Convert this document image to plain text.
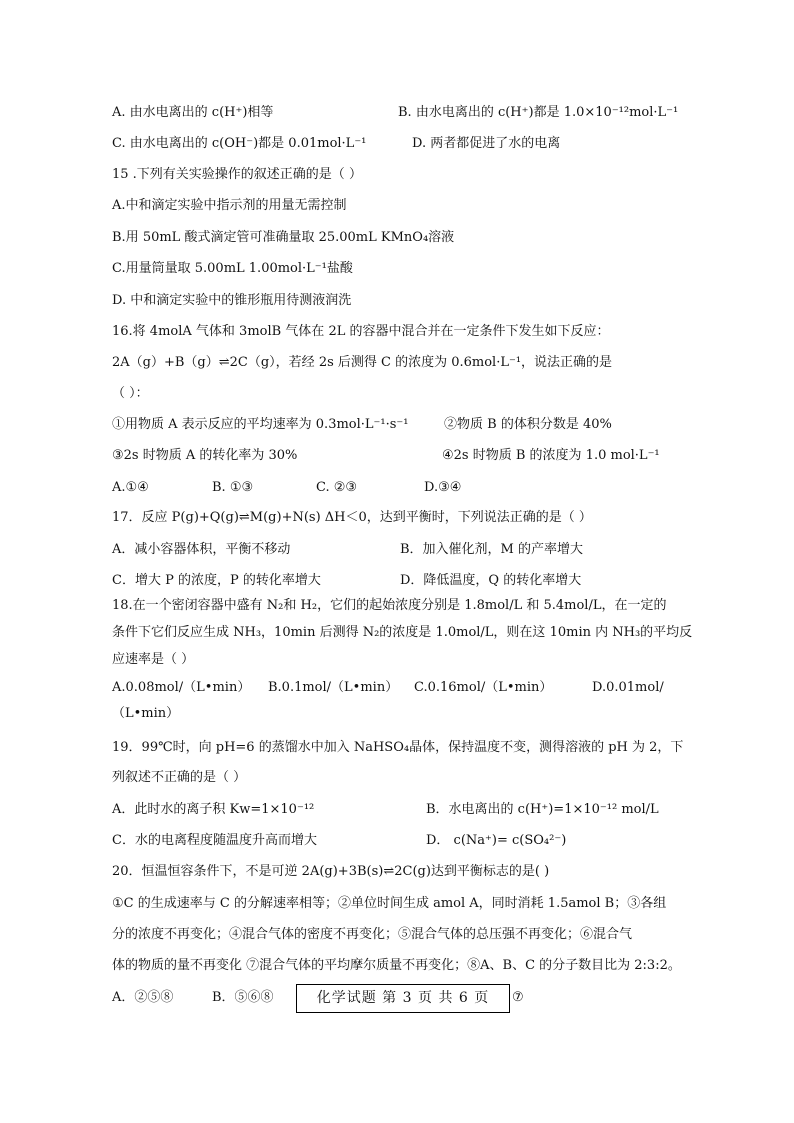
A. 由水电离出的 c(H⁺)相等	B. 由水电离出的 c(H⁺)都是 1.0×10⁻¹²mol·L⁻¹
C. 由水电离出的 c(OH⁻)都是 0.01mol·L⁻¹	D. 两者都促进了水的电离
15 .下列有关实验操作的叙述正确的是（ ）
A.中和滴定实验中指示剂的用量无需控制
B.用 50mL 酸式滴定管可准确量取 25.00mL KMnO₄溶液
C.用量筒量取 5.00mL 1.00mol·L⁻¹盐酸
D. 中和滴定实验中的锥形瓶用待测液润洗
16.将 4molA 气体和 3molB 气体在 2L 的容器中混合并在一定条件下发生如下反应：
2A（g）+B（g）⇌2C（g），若经 2s 后测得 C 的浓度为 0.6mol·L⁻¹，说法正确的是
（ ）：
①用物质 A 表示反应的平均速率为 0.3mol·L⁻¹·s⁻¹	②物质 B 的体积分数是 40%
③2s 时物质 A 的转化率为 30%	④2s 时物质 B 的浓度为 1.0 mol·L⁻¹
A.①④	B. ①③	C. ②③	D.③④
17．反应 P(g)+Q(g)⇌M(g)+N(s) ΔH＜0，达到平衡时，下列说法正确的是（ ）
A．减小容器体积，平衡不移动	B．加入催化剂，M 的产率增大
C．增大 P 的浓度，P 的转化率增大	D．降低温度，Q 的转化率增大
18.在一个密闭容器中盛有 N₂和 H₂，它们的起始浓度分别是 1.8mol/L 和 5.4mol/L，在一定的
条件下它们反应生成 NH₃，10min 后测得 N₂的浓度是 1.0mol/L，则在这 10min 内 NH₃的平均反
应速率是（ ）
A.0.08mol/（L•min） B.0.1mol/（L•min） C.0.16mol/（L•min）	D.0.01mol/
（L•min）
19．99℃时，向 pH=6 的蒸馏水中加入 NaHSO₄晶体，保持温度不变，测得溶液的 pH 为 2，下
列叙述不正确的是（ ）
A．此时水的离子积 Kw=1×10⁻¹²	B．水电离出的 c(H⁺)=1×10⁻¹² mol/L
C．水的电离程度随温度升高而增大	D． c(Na⁺)= c(SO₄²⁻)
20．恒温恒容条件下，不是可逆 2A(g)+3B(s)⇌2C(g)达到平衡标志的是( )
①C 的生成速率与 C 的分解速率相等；②单位时间生成 amol A，同时消耗 1.5amol B；③各组
分的浓度不再变化；④混合气体的密度不再变化；⑤混合气体的总压强不再变化；⑥混合气
体的物质的量不再变化 ⑦混合气体的平均摩尔质量不再变化；⑧A、B、C 的分子数目比为 2:3:2。
A．②⑤⑧	B．⑤⑥⑧	⑦
化学试题 第 3 页 共 6 页
